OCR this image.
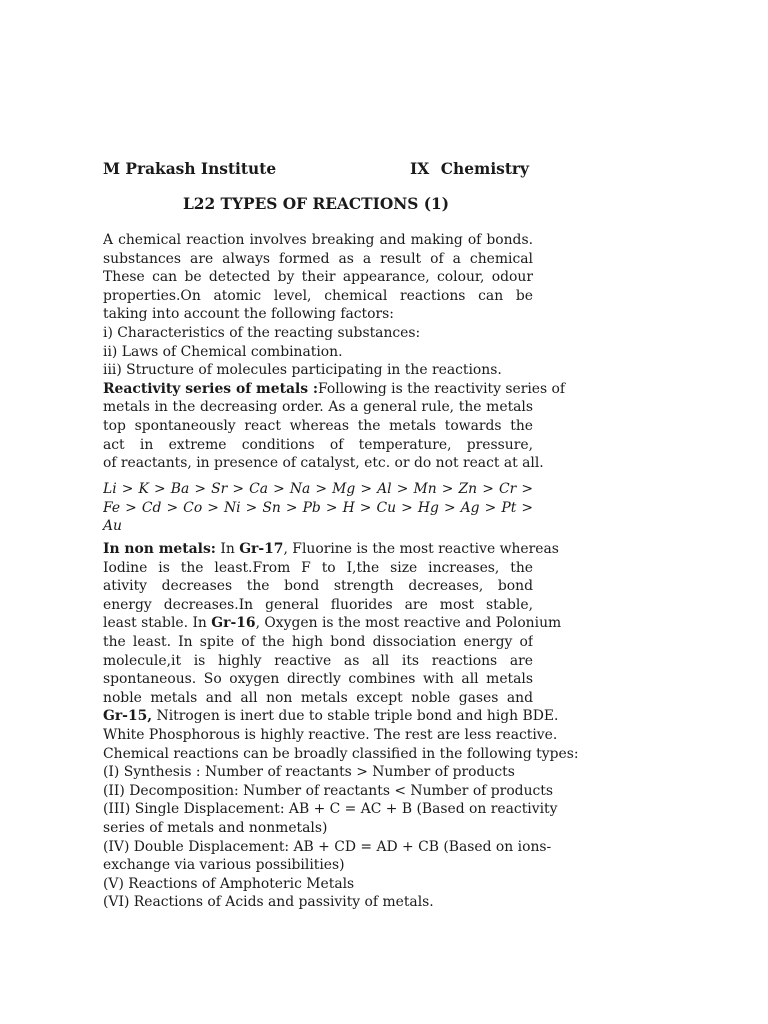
M Prakash Institute	IX Chemistry
L22 TYPES OF REACTIONS (1)
A chemical reaction involves breaking and making of bonds.
substances are always formed as a result of a chemical
These can be detected by their appearance, colour, odour
properties.On atomic level, chemical reactions can be
taking into account the following factors:
i) Characteristics of the reacting substances:
ii) Laws of Chemical combination.
iii) Structure of molecules participating in the reactions.
Reactivity series of metals :Following is the reactivity series of
metals in the decreasing order. As a general rule, the metals
top spontaneously react whereas the metals towards the
act in extreme conditions of temperature, pressure,
of reactants, in presence of catalyst, etc. or do not react at all.
Li > K > Ba > Sr > Ca > Na > Mg > Al > Mn > Zn > Cr >
Fe > Cd > Co > Ni > Sn > Pb > H > Cu > Hg > Ag > Pt >
Au
In non metals: In Gr-17, Fluorine is the most reactive whereas
Iodine is the least.From F to I,the size increases, the
ativity decreases the bond strength decreases, bond
energy decreases.In general fluorides are most stable,
least stable. In Gr-16, Oxygen is the most reactive and Polonium
the least. In spite of the high bond dissociation energy of
molecule,it is highly reactive as all its reactions are
spontaneous. So oxygen directly combines with all metals
noble metals and all non metals except noble gases and
Gr-15, Nitrogen is inert due to stable triple bond and high BDE.
White Phosphorous is highly reactive. The rest are less reactive.
Chemical reactions can be broadly classified in the following types:
(I) Synthesis : Number of reactants > Number of products
(II) Decomposition: Number of reactants < Number of products
(III) Single Displacement: AB + C = AC + B (Based on reactivity
series of metals and nonmetals)
(IV) Double Displacement: AB + CD = AD + CB (Based on ions-
exchange via various possibilities)
(V) Reactions of Amphoteric Metals
(VI) Reactions of Acids and passivity of metals.
